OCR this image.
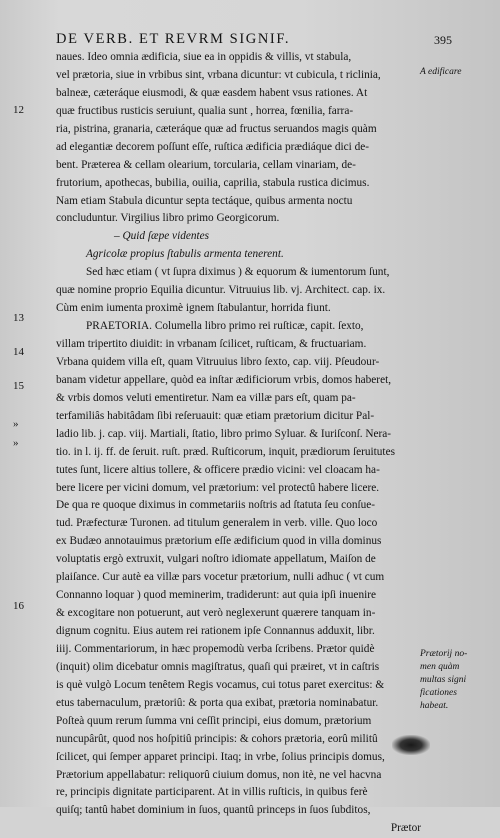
DE VERB. ET REVRM SIGNIF.	395
A edificare
Prætorij no-
men quàm
multas signi
ficationes
habeat.
12
13
14
15
»
»
16
naues. Ideo omnia ædificia, siue ea in oppidis & villis, vt stabula,
vel prætoria, siue in vrbibus sint, vrbana dicuntur: vt cubicula, t riclinia,
balneæ, cæteráque eiusmodi, & quæ easdem habent vsus rationes. At
quæ fructibus rusticis seruiunt, qualia sunt , horrea, fœnilia, farra-
ria, pistrina, granaria, cæteráque quæ ad fructus seruandos magis quàm
ad elegantiæ decorem poſſunt eſſe, ruſtica ædificia prædiáque dici de-
bent. Præterea & cellam olearium, torcularia, cellam vinariam, de-
frutorium, apothecas, bubilia, ouilia, caprilia, stabula rustica dicimus.
Nam etiam Stabula dicuntur septa tectáque, quibus armenta noctu
concluduntur. Virgilius libro primo Georgicorum.
– Quid ſæpe videntes
Agricolæ propius ſtabulis armenta tenerent.
Sed hæc etiam ( vt ſupra diximus ) & equorum & iumentorum ſunt,
quæ nomine proprio Equilia dicuntur. Vitruuius lib. vj. Architect. cap. ix.
Cùm enim iumenta proximè ignem ſtabulantur, horrida fiunt.
PRAETORIA. Columella libro primo rei ruſticæ, capit. ſexto,
villam tripertito diuidit: in vrbanam ſcilicet, ruſticam, & fructuariam.
Vrbana quidem villa eſt, quam Vitruuius libro ſexto, cap. viij. Pſeudour-
banam videtur appellare, quòd ea inſtar ædificiorum vrbis, domos haberet,
& vrbis domos veluti ementiretur. Nam ea villæ pars eſt, quam pa-
terfamiliâs habitâdam ſibi reſeruauit: quæ etiam prætorium dicitur Pal-
ladio lib. j. cap. viij. Martiali, ſtatio, libro primo Syluar. & Iuriſconſ. Nera-
tio. in l. ij. ff. de ſeruit. ruſt. præd. Ruſticorum, inquit, prædiorum ſeruitutes
tutes ſunt, licere altius tollere, & officere prædio vicini: vel cloacam ha-
bere licere per vicini domum, vel prætorium: vel protectû habere licere.
De qua re quoque diximus in commetariis noſtris ad ſtatuta ſeu conſue-
tud. Præfecturæ Turonen. ad titulum generalem in verb. ville. Quo loco
ex Budæo annotauimus prætorium eſſe ædificium quod in villa dominus
voluptatis ergò extruxit, vulgari noſtro idiomate appellatum, Maiſon de
plaiſance. Cur autè ea villæ pars vocetur prætorium, nulli adhuc ( vt cum
Connanno loquar ) quod meminerim, tradiderunt: aut quia ipſi inuenire
& excogitare non potuerunt, aut verò neglexerunt quærere tanquam in-
dignum cognitu. Eius autem rei rationem ipſe Connannus adduxit, libr.
iiij. Commentariorum, in hæc propemodù verba ſcribens. Prætor quidè
(inquit) olim dicebatur omnis magiſtratus, quaſi qui præiret, vt in caſtris
is què vulgò Locum tenêtem Regis vocamus, cui totus paret exercitus: &
etus tabernaculum, prætoriû: & porta qua exibat, prætoria nominabatur.
Poſteà quum rerum ſumma vni ceſſit principi, eius domum, prætorium
nuncupârût, quod nos hoſpitiû principis: & cohors prætoria, eorû militû
ſcilicet, qui ſemper apparet principi. Itaq; in vrbe, ſolius principis domus,
Prætorium appellabatur: reliquorû ciuium domus, non itè, ne vel hacvna
re, principis dignitate participarent. At in villis ruſticis, in quibus ferè
quiſq; tantû habet dominium in ſuos, quantû princeps in ſuos ſubditos,
Prætor
